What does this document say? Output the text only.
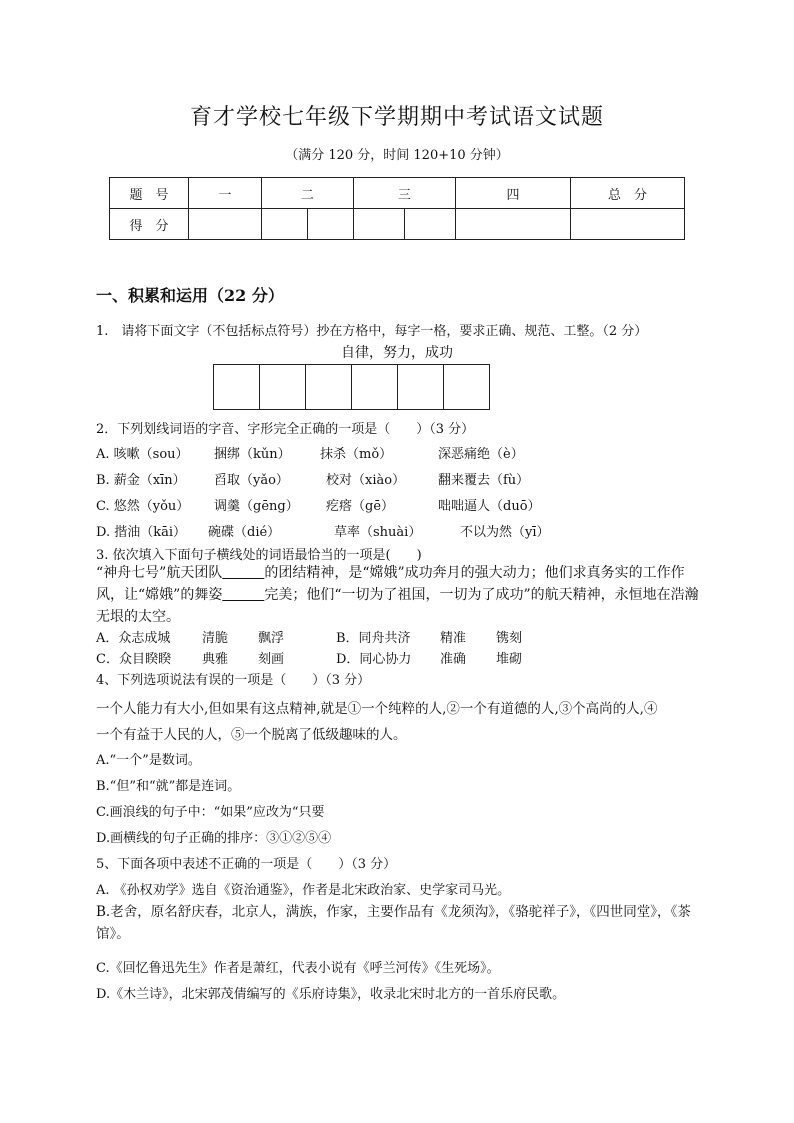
育才学校七年级下学期期中考试语文试题
（满分 120 分，时间 120+10 分钟）
题　号	一	二		三		四	总　分
得　分							
一、积累和运用（22 分）
1.　请将下面文字（不包括标点符号）抄在方格中，每字一格，要求正确、规范、工整。（2 分）
自律，努力，成功

2．下列划线词语的字音、字形完全正确的一项是（　　）（3 分）
A. 咳嗽（sou） 捆绑（kǔn） 抹杀（mǒ）	深恶痛绝（è）
B. 薪金（xīn） 舀取（yǎo）	校对（xiào）	翻来覆去（fù）
C. 悠然（yǒu） 调羹（gēng） 疙瘩（gē）	咄咄逼人（duō）
D. 揩油（kāi） 碗碟（dié）	草率（shuài）	不以为然（yī）
3. 依次填入下面句子横线处的词语最恰当的一项是(　　)
“神舟七号”航天团队　　　	的团结精神，是“嫦娥”成功奔月的强大动力；他们求真务实的工作作风，让“嫦娥”的舞姿　　　	完美；他们“一切为了祖国，一切为了成功”的航天精神，永恒地在浩瀚无垠的太空。
A．众志成城 清脆 飘浮	B．同舟共济 精准 镌刻
C．众目睽睽 典雅 刻画	D．同心协力 准确 堆砌
4、下列选项说法有误的一项是（　　）（3 分）
一个人能力有大小,但如果有这点精神,就是①一个纯粹的人,②一个有道德的人,③个高尚的人,④
一个有益于人民的人，⑤一个脱离了低级趣味的人。
A.“一个”是数词。
B.“但”和“就”都是连词。
C.画浪线的句子中：“如果”应改为“只要
D.画横线的句子正确的排序：③①②⑤④
5、下面各项中表述不正确的一项是（　　）（3 分）
A. 《孙权劝学》选自《资治通鉴》，作者是北宋政治家、史学家司马光。
B.老舍，原名舒庆春，北京人，满族，作家，主要作品有《龙须沟》，《骆驼祥子》，《四世同堂》，《茶馆》。
C.《回忆鲁迅先生》作者是萧红，代表小说有《呼兰河传》《生死场》。
D.《木兰诗》，北宋郭茂倩编写的《乐府诗集》，收录北宋时北方的一首乐府民歌。
